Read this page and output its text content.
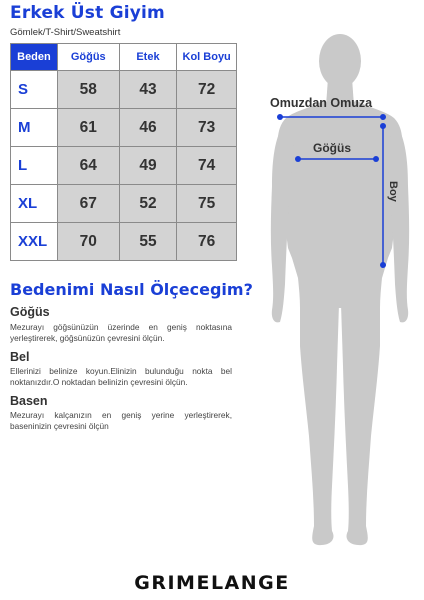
Erkek Üst Giyim
Gömlek/T-Shirt/Sweatshirt
Beden	Göğüs	Etek	Kol Boyu
S	58	43	72
M	61	46	73
L	64	49	74
XL	67	52	75
XXL	70	55	76
Bedenimi Nasıl Ölçecegim?
Göğüs
Mezurayı göğsünüzün üzerinde en geniş noktasına yerleştirerek, göğsünüzün çevresini ölçün.
Bel
Ellerinizi belinize koyun.Elinizin bulunduğu nokta bel noktanızdır.O noktadan belinizin çevresini ölçün.
Basen
Mezurayı kalçanızın en geniş yerine yerleştirerek, baseninizin çevresini ölçün
Omuzdan Omuza
Göğüs
Boy
GRIMELANGE
